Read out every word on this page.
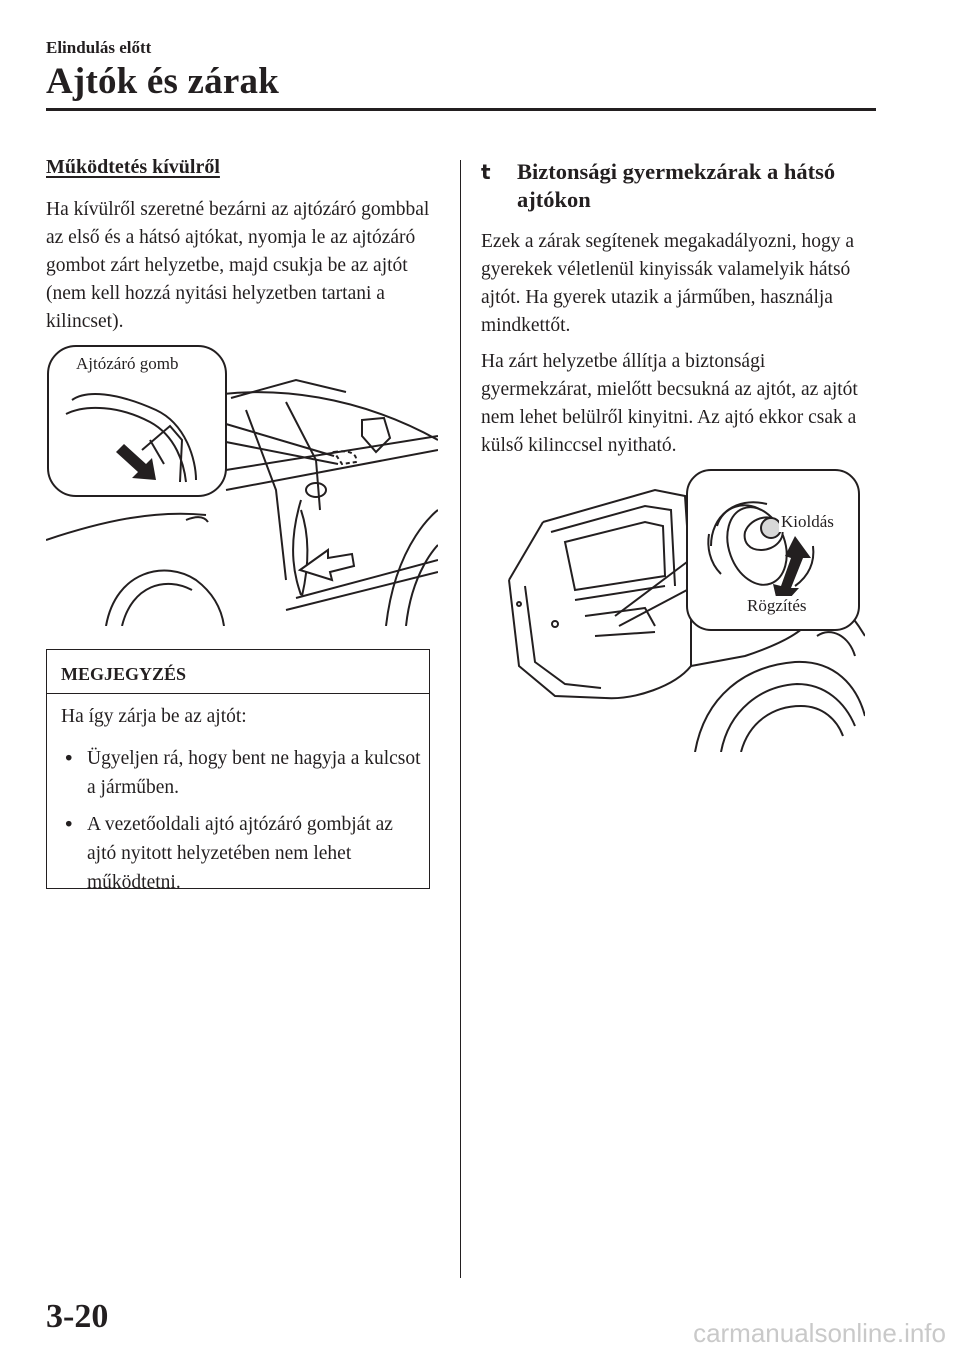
Elindulás előtt
Ajtók és zárak
Működtetés kívülről

Ha kívülről szeretné bezárni az ajtózáró gombbal az első és a hátsó ajtókat, nyomja le az ajtózáró gombot zárt helyzetbe, majd csukja be az ajtót (nem kell hozzá nyitási helyzetben tartani a kilincset).

Ajtózáró gomb
MEGJEGYZÉS
Ha így zárja be az ajtót:
• Ügyeljen rá, hogy bent ne hagyja a kulcsot a járműben.
• A vezetőoldali ajtó ajtózáró gombját az ajtó nyitott helyzetében nem lehet működtetni.
t Biztonsági gyermekzárak a hátsó ajtókon

Ezek a zárak segítenek megakadályozni, hogy a gyerekek véletlenül kinyissák valamelyik hátsó ajtót. Ha gyerek utazik a járműben, használja mindkettőt.

Ha zárt helyzetbe állítja a biztonsági gyermekzárat, mielőtt becsukná az ajtót, az ajtót nem lehet belülről kinyitni. Az ajtó ekkor csak a külső kilinccsel nyitható.

Kioldás
Rögzítés
3-20	carmanualsonline.info
